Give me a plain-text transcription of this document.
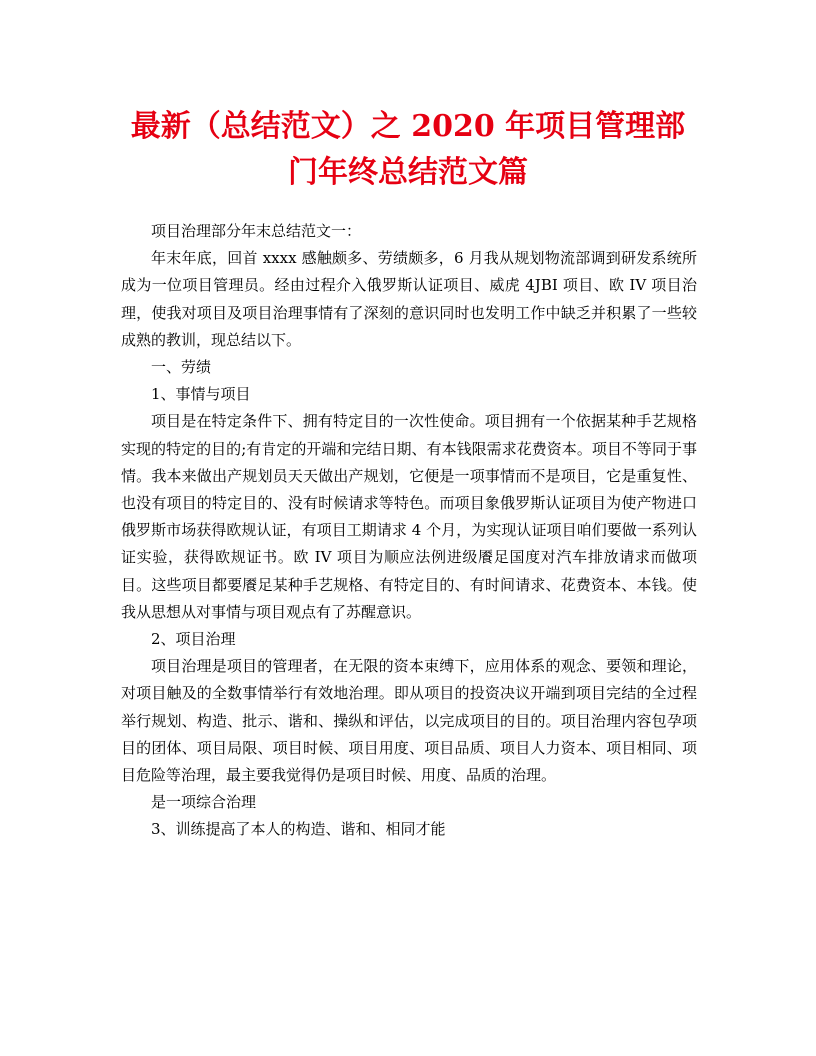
最新（总结范文）之 2020 年项目管理部
门年终总结范文篇

项目治理部分年末总结范文一：

年末年底，回首 xxxx 感触颇多、劳绩颇多，6 月我从规划物流部调到研发系统所成为一位项目管理员。经由过程介入俄罗斯认证项目、威虎 4JBI 项目、欧 IV 项目治理，使我对项目及项目治理事情有了深刻的意识同时也发明工作中缺乏并积累了一些较成熟的教训，现总结以下。

一、劳绩

1、事情与项目

项目是在特定条件下、拥有特定目的一次性使命。项目拥有一个依据某种手艺规格实现的特定的目的;有肯定的开端和完结日期、有本钱限需求花费资本。项目不等同于事情。我本来做出产规划员天天做出产规划，它便是一项事情而不是项目，它是重复性、也没有项目的特定目的、没有时候请求等特色。而项目象俄罗斯认证项目为使产物进口俄罗斯市场获得欧规认证，有项目工期请求 4 个月，为实现认证项目咱们要做一系列认证实验，获得欧规证书。欧 IV 项目为顺应法例进级餍足国度对汽车排放请求而做项目。这些项目都要餍足某种手艺规格、有特定目的、有时间请求、花费资本、本钱。使我从思想从对事情与项目观点有了苏醒意识。

2、项目治理

项目治理是项目的管理者，在无限的资本束缚下，应用体系的观念、要领和理论，对项目触及的全数事情举行有效地治理。即从项目的投资决议开端到项目完结的全过程举行规划、构造、批示、谐和、操纵和评估，以完成项目的目的。项目治理内容包孕项目的团体、项目局限、项目时候、项目用度、项目品质、项目人力资本、项目相同、项目危险等治理，最主要我觉得仍是项目时候、用度、品质的治理。

是一项综合治理

3、训练提高了本人的构造、谐和、相同才能
